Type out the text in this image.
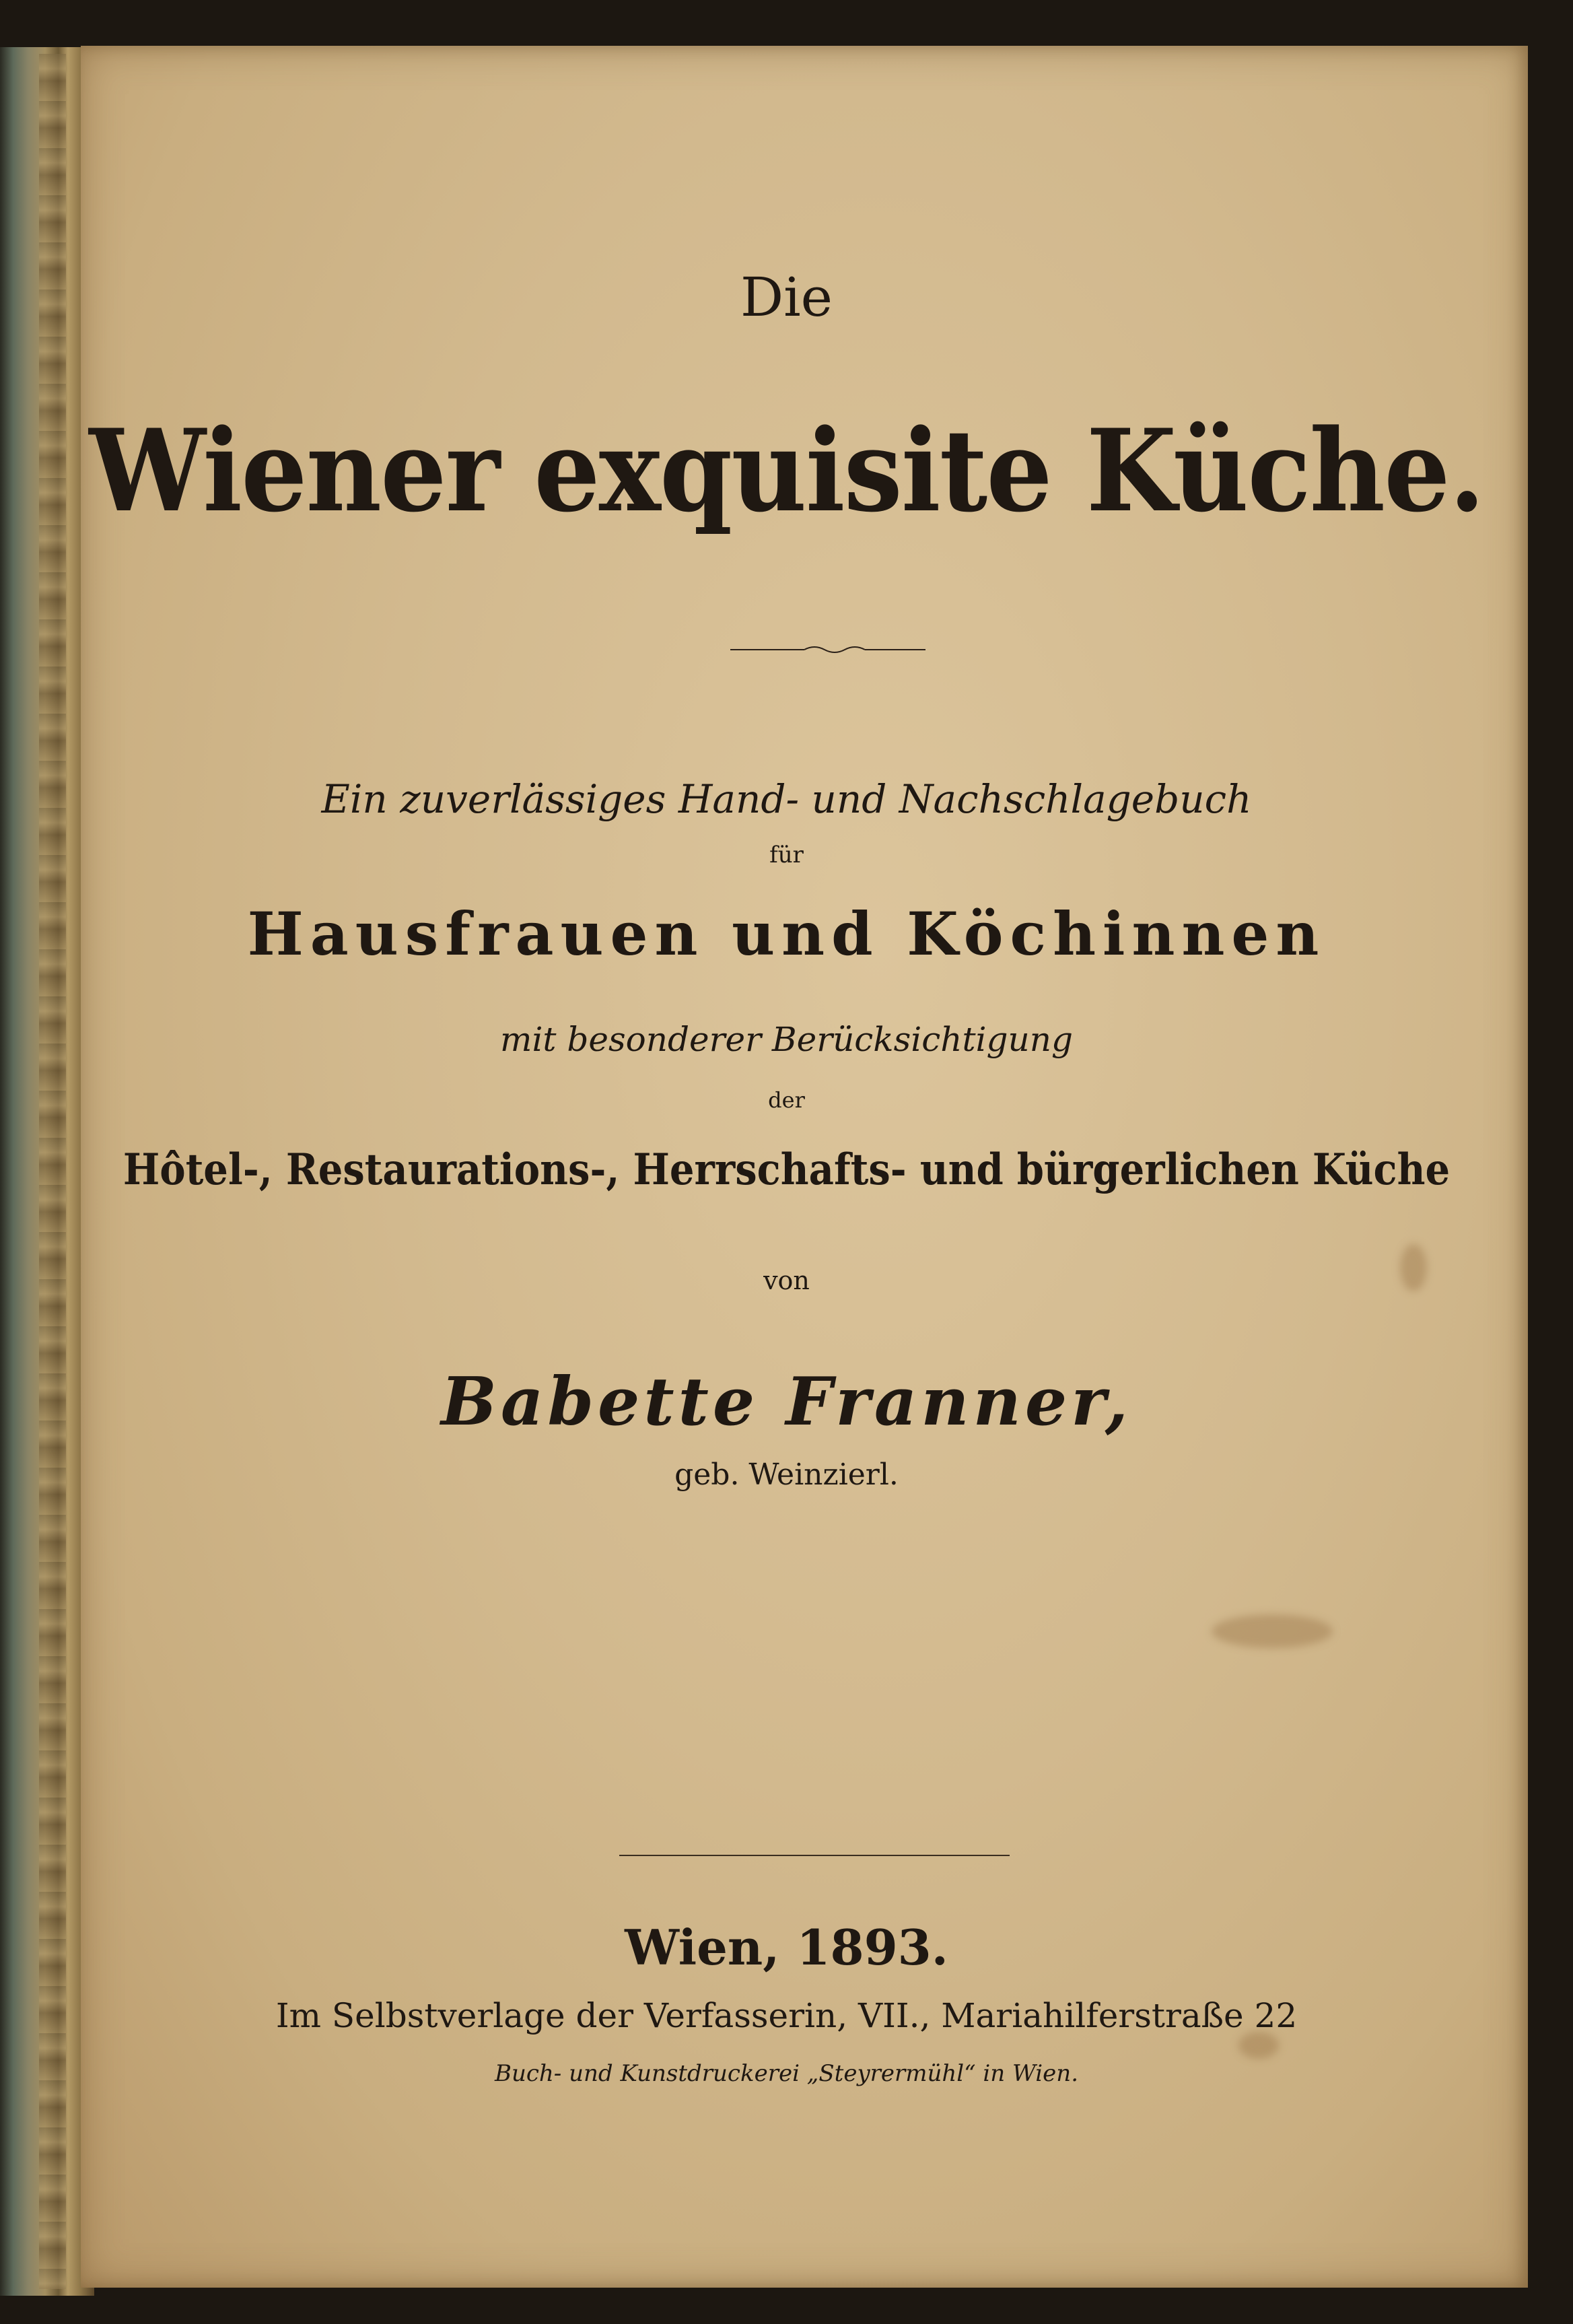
Die
Wiener exquisite Küche.
Ein zuverlässiges Hand- und Nachschlagebuch
für
Hausfrauen und Köchinnen
mit besonderer Berücksichtigung
der
Hôtel-, Restaurations-, Herrschafts- und bürgerlichen Küche
von
Babette Franner,
geb. Weinzierl.
Wien, 1893.
Im Selbstverlage der Verfasserin, VII., Mariahilferstraße 22
Buch- und Kunstdruckerei „Steyrermühl“ in Wien.
